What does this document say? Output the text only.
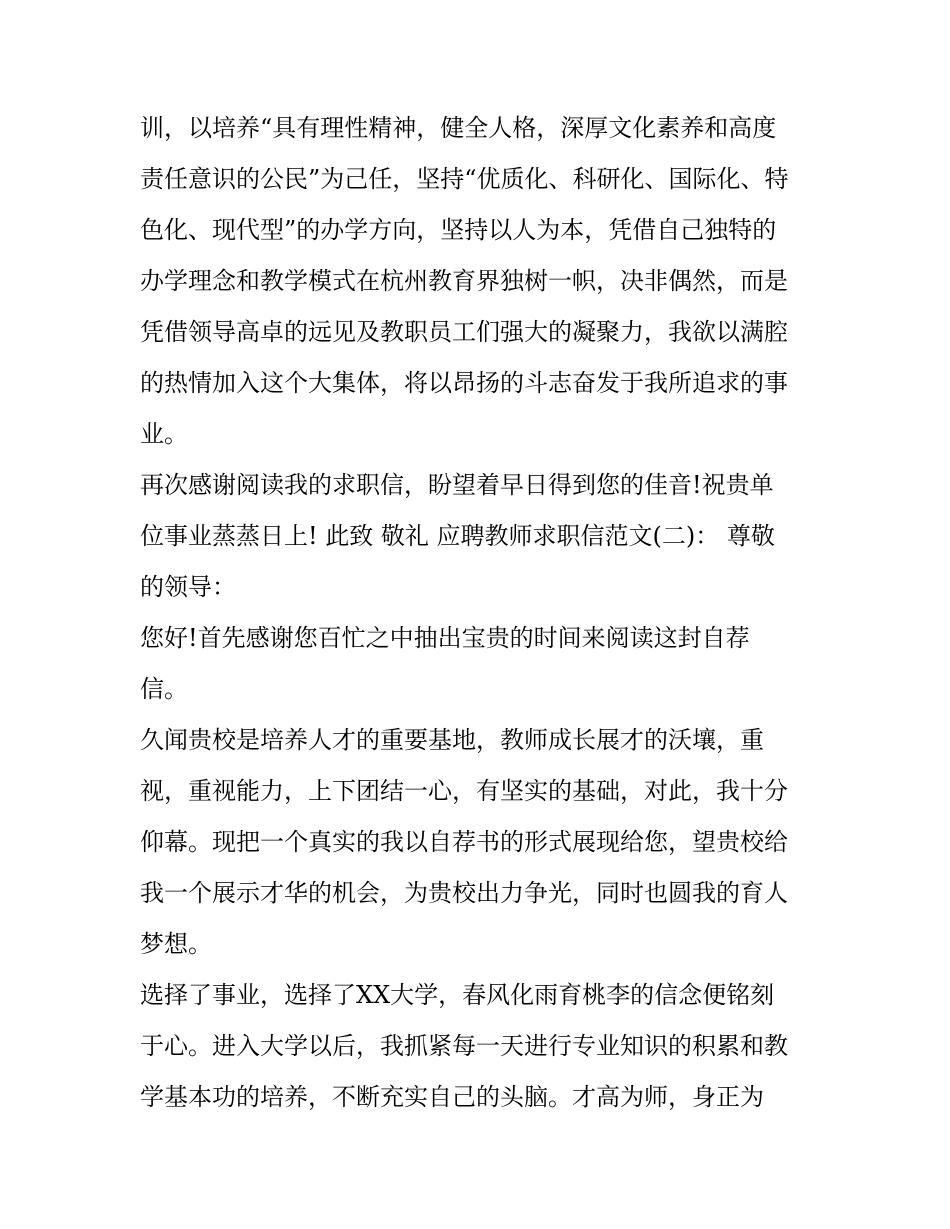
训，以培养“具有理性精神，健全人格，深厚文化素养和高度
责任意识的公民”为己任，坚持“优质化、科研化、国际化、特
色化、现代型”的办学方向，坚持以人为本，凭借自己独特的
办学理念和教学模式在杭州教育界独树一帜，决非偶然，而是
凭借领导高卓的远见及教职员工们强大的凝聚力，我欲以满腔
的热情加入这个大集体，将以昂扬的斗志奋发于我所追求的事
业。
再次感谢阅读我的求职信，盼望着早日得到您的佳音!祝贵单
位事业蒸蒸日上! 此致 敬礼 应聘教师求职信范文(二)： 尊敬
的领导：
您好!首先感谢您百忙之中抽出宝贵的时间来阅读这封自荐
信。
久闻贵校是培养人才的重要基地，教师成长展才的沃壤，重
视，重视能力，上下团结一心，有坚实的基础，对此，我十分
仰幕。现把一个真实的我以自荐书的形式展现给您，望贵校给
我一个展示才华的机会，为贵校出力争光，同时也圆我的育人
梦想。
选择了事业，选择了XX大学，春风化雨育桃李的信念便铭刻
于心。进入大学以后，我抓紧每一天进行专业知识的积累和教
学基本功的培养，不断充实自己的头脑。才高为师，身正为
